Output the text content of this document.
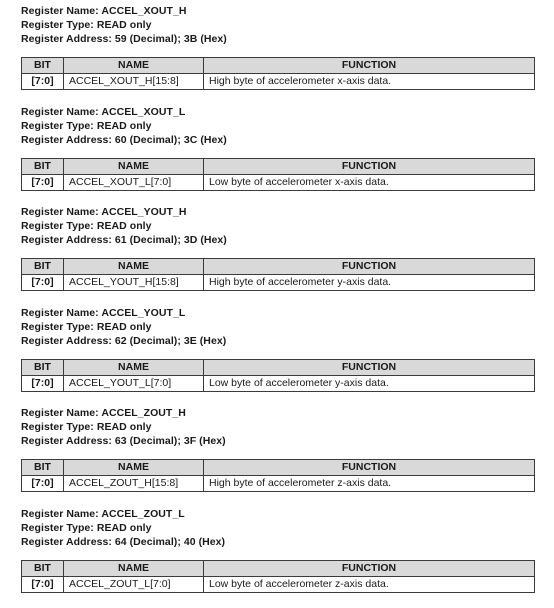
Register Name: ACCEL_XOUT_H
Register Type: READ only
Register Address: 59 (Decimal); 3B (Hex)
BIT	NAME	FUNCTION
[7:0]	ACCEL_XOUT_H[15:8]	High byte of accelerometer x-axis data.
Register Name: ACCEL_XOUT_L
Register Type: READ only
Register Address: 60 (Decimal); 3C (Hex)
BIT	NAME	FUNCTION
[7:0]	ACCEL_XOUT_L[7:0]	Low byte of accelerometer x-axis data.
Register Name: ACCEL_YOUT_H
Register Type: READ only
Register Address: 61 (Decimal); 3D (Hex)
BIT	NAME	FUNCTION
[7:0]	ACCEL_YOUT_H[15:8]	High byte of accelerometer y-axis data.
Register Name: ACCEL_YOUT_L
Register Type: READ only
Register Address: 62 (Decimal); 3E (Hex)
BIT	NAME	FUNCTION
[7:0]	ACCEL_YOUT_L[7:0]	Low byte of accelerometer y-axis data.
Register Name: ACCEL_ZOUT_H
Register Type: READ only
Register Address: 63 (Decimal); 3F (Hex)
BIT	NAME	FUNCTION
[7:0]	ACCEL_ZOUT_H[15:8]	High byte of accelerometer z-axis data.
Register Name: ACCEL_ZOUT_L
Register Type: READ only
Register Address: 64 (Decimal); 40 (Hex)
BIT	NAME	FUNCTION
[7:0]	ACCEL_ZOUT_L[7:0]	Low byte of accelerometer z-axis data.
